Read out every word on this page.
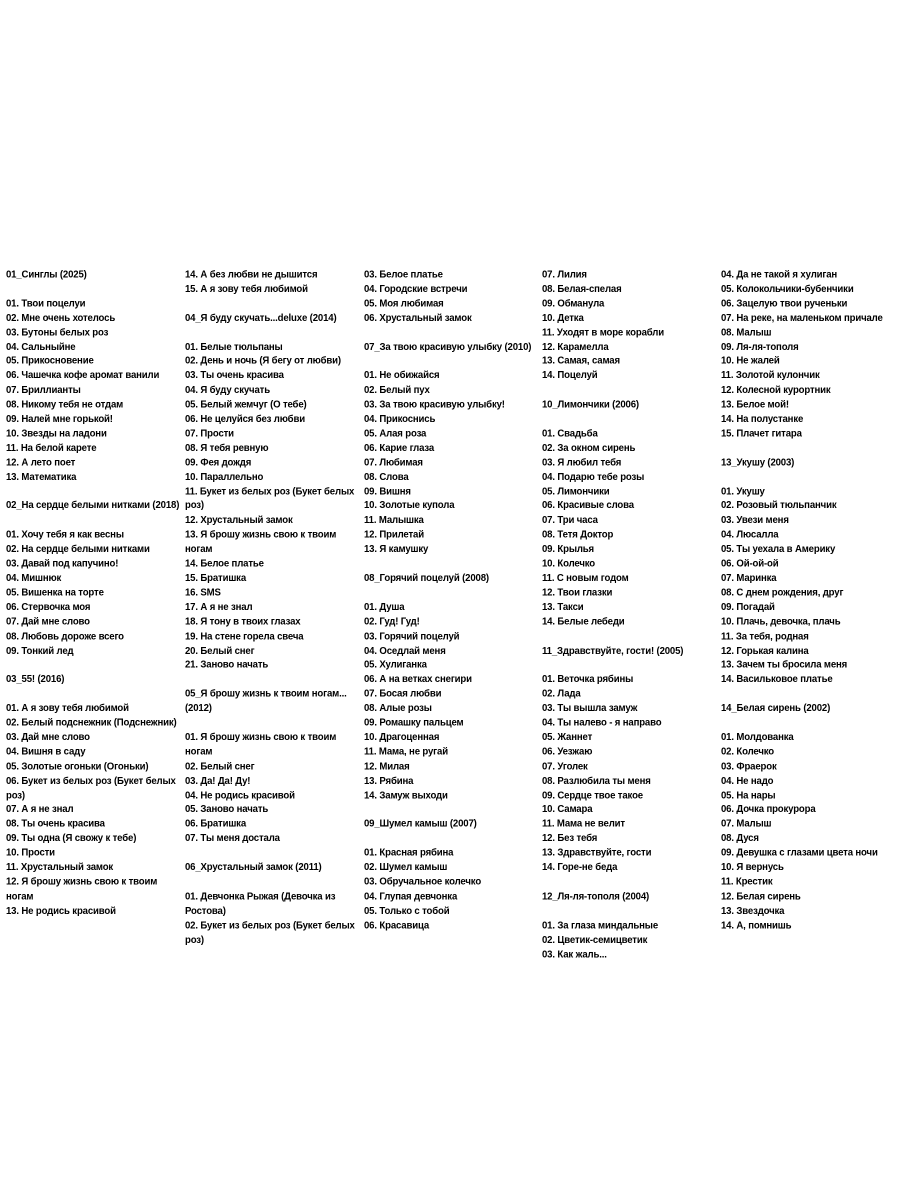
01_Синглы (2025)
01. Твои поцелуи
02. Мне очень хотелось
03. Бутоны белых роз
04. Сальныйне
05. Прикосновение
06. Чашечка кофе аромат ванили
07. Бриллианты
08. Никому тебя не отдам
09. Налей мне горькой!
10. Звезды на ладони
11. На белой карете
12. А лето поет
13. Математика
02_На сердце белыми нитками (2018)
01. Хочу тебя я как весны
02. На сердце белыми нитками
03. Давай под капучино!
04. Мишнюк
05. Вишенка на торте
06. Стервочка моя
07. Дай мне слово
08. Любовь дороже всего
09. Тонкий лед
03_55! (2016)
01. А я зову тебя любимой
02. Белый подснежник (Подснежник)
03. Дай мне слово
04. Вишня в саду
05. Золотые огоньки (Огоньки)
06. Букет из белых роз (Букет белых роз)
07. А я не знал
08. Ты очень красива
09. Ты одна (Я свожу к тебе)
10. Прости
11. Хрустальный замок
12. Я брошу жизнь свою к твоим ногам
13. Не родись красивой
14. А без любви не дышится
15. А я зову тебя любимой
04_Я буду скучать...deluxe (2014)
01. Белые тюльпаны
02. День и ночь (Я бегу от любви)
03. Ты очень красива
04. Я буду скучать
05. Белый жемчуг (О тебе)
06. Не целуйся без любви
07. Прости
08. Я тебя ревную
09. Фея дождя
10. Параллельно
11. Букет из белых роз (Букет белых роз)
12. Хрустальный замок
13. Я брошу жизнь свою к твоим ногам
14. Белое платье
15. Братишка
16. SMS
17. А я не знал
18. Я тону в твоих глазах
19. На стене горела свеча
20. Белый снег
21. Заново начать
05_Я брошу жизнь к твоим ногам... (2012)
01. Я брошу жизнь свою к твоим ногам
02. Белый снег
03. Да! Да! Ду!
04. Не родись красивой
05. Заново начать
06. Братишка
07. Ты меня достала
06_Хрустальный замок (2011)
01. Девчонка Рыжая (Девочка из Ростова)
02. Букет из белых роз (Букет белых роз)
03. Белое платье
04. Городские встречи
05. Моя любимая
06. Хрустальный замок
07_За твою красивую улыбку (2010)
01. Не обижайся
02. Белый пух
03. За твою красивую улыбку!
04. Прикоснись
05. Алая роза
06. Карие глаза
07. Любимая
08. Слова
09. Вишня
10. Золотые купола
11. Малышка
12. Прилетай
13. Я камушку
08_Горячий поцелуй (2008)
01. Душа
02. Гуд! Гуд!
03. Горячий поцелуй
04. Оседлай меня
05. Хулиганка
06. А на ветках снегири
07. Босая любви
08. Алые розы
09. Ромашку пальцем
10. Драгоценная
11. Мама, не ругай
12. Милая
13. Рябина
14. Замуж выходи
09_Шумел камыш (2007)
01. Красная рябина
02. Шумел камыш
03. Обручальное колечко
04. Глупая девчонка
05. Только с тобой
06. Красавица
07. Лилия
08. Белая-спелая
09. Обманула
10. Детка
11. Уходят в море корабли
12. Карамелла
13. Самая, самая
14. Поцелуй
10_Лимончики (2006)
01. Свадьба
02. За окном сирень
03. Я любил тебя
04. Подарю тебе розы
05. Лимончики
06. Красивые слова
07. Три часа
08. Тетя Доктор
09. Крылья
10. Колечко
11. С новым годом
12. Твои глазки
13. Такси
14. Белые лебеди
11_Здравствуйте, гости! (2005)
01. Веточка рябины
02. Лада
03. Ты вышла замуж
04. Ты налево - я направо
05. Жаннет
06. Уезжаю
07. Уголек
08. Разлюбила ты меня
09. Сердце твое такое
10. Самара
11. Мама не велит
12. Без тебя
13. Здравствуйте, гости
14. Горе-не беда
12_Ля-ля-тополя (2004)
01. За глаза миндальные
02. Цветик-семицветик
03. Как жаль...
04. Да не такой я хулиган
05. Колокольчики-бубенчики
06. Зацелую твои рученьки
07. На реке, на маленьком причале
08. Малыш
09. Ля-ля-тополя
10. Не жалей
11. Золотой кулончик
12. Колесной курортник
13. Белое мой!
14. На полустанке
15. Плачет гитара
13_Укушу (2003)
01. Укушу
02. Розовый тюльпанчик
03. Увези меня
04. Люсалла
05. Ты уехала в Америку
06. Ой-ой-ой
07. Маринка
08. С днем рождения, друг
09. Погадай
10. Плачь, девочка, плачь
11. За тебя, родная
12. Горькая калина
13. Зачем ты бросила меня
14. Васильковое платье
14_Белая сирень (2002)
01. Молдованка
02. Колечко
03. Фраерок
04. Не надо
05. На нары
06. Дочка прокурора
07. Малыш
08. Дуся
09. Девушка с глазами цвета ночи
10. Я вернусь
11. Крестик
12. Белая сирень
13. Звездочка
14. А, помнишь
